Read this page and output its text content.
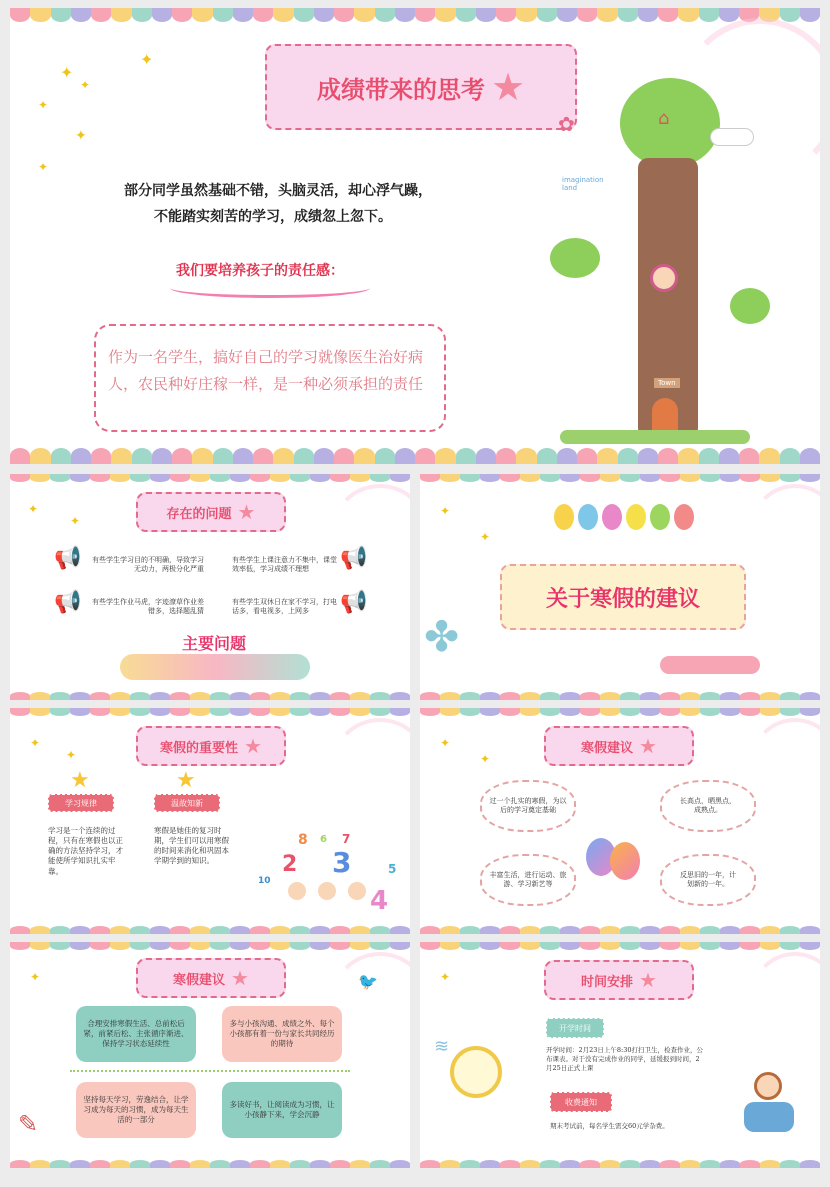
✦
✦
✦
✦
✦
✦
成绩带来的思考 ★
✿
部分同学虽然基础不错，头脑灵活，却心浮气躁，
不能踏实刻苦的学习，成绩忽上忽下。
我们要培养孩子的责任感：
作为一名学生，搞好自己的学习就像医生治好病人，农民种好庄稼一样，是一种必须承担的责任
⌂
imagination land
Town
✦
✦	存在的问题 ★
📢	📢
📢	📢
有些学生学习目的不明确，导致学习无动力，两极分化严重
有些学生上课注意力不集中，课堂效率低，学习成绩不理想
有些学生作业马虎，字迹潦草作业差错多，选择题乱猜
有些学生双休日在家不学习，打电话多，看电视多，上网多
主要问题
✦
✦
关于寒假的建议
✤
✦
✦	寒假的重要性 ★
★	★
学习规律	温故知新
学习是一个连续的过程，只有在寒假也以正确的方法坚持学习，才能使所学知识扎实牢靠。
寒假是她佳的复习时期，学生们可以用寒假的时间来消化和巩固本学期学到的知识。
8
2 3
4
5
10
7
6
✦
✦
寒假建议 ★
过一个扎实的寒假，为以后的学习奠定基础
长高点，晒黑点，成熟点。
丰富生活，进行运动、旅游、学习新艺等
反思旧的一年，计划新的一年。
✦	寒假建议 ★	🐦
合理安排寒假生活、总前松后紧，前紧后松、主张循序渐进、保持学习状态延续性
多与小孩沟通、成绩之外、每个小孩都有着一份与家长共同经历的期待
坚持每天学习，劳逸结合，让学习成为每天的习惯，成为每天生活的一部分
多读好书，让阅读成为习惯，让小孩静下来，学会沉静
✎
✦	时间安排 ★
开学时间
开学时间：2月23日上午8:30打扫卫生，检查作业，公布课表。对于没有完成作业的同学，延缓报到时间，2月25日正式上课
收费通知
期末考试前，每名学生需交60元学杂费。
≋
